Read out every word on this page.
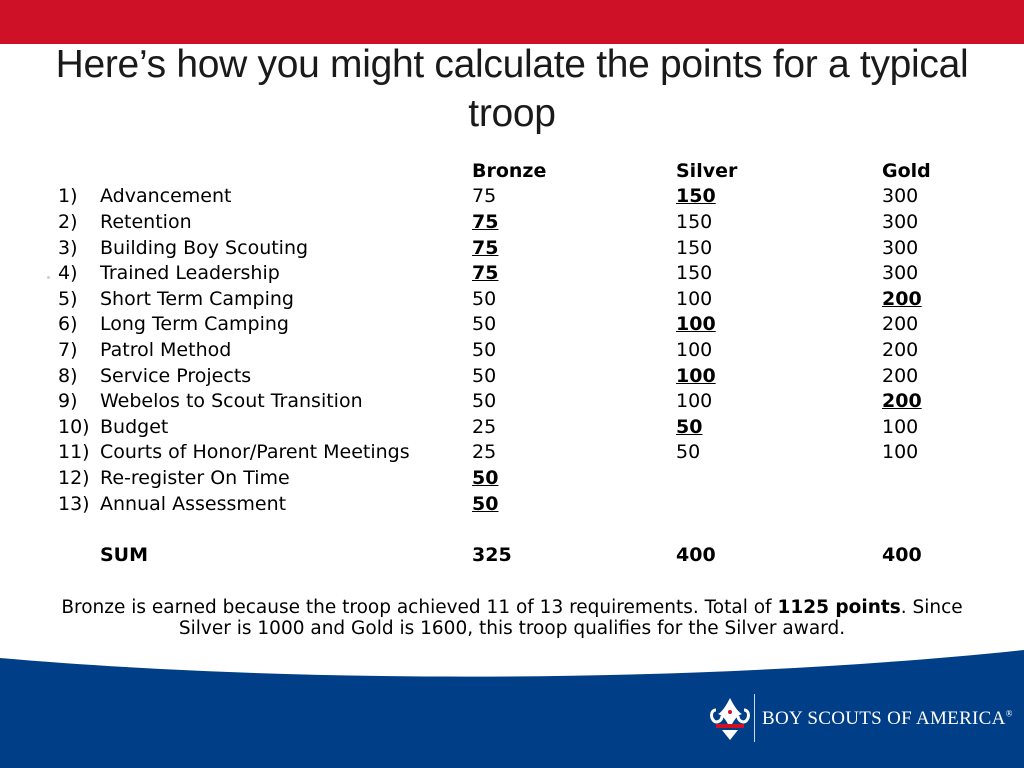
Here’s how you might calculate the points for a typical troop
		Bronze	Silver	Gold
1)	Advancement	75	150	300
2)	Retention	75	150	300
3)	Building Boy Scouting	75	150	300
4)	Trained Leadership	75	150	300
5)	Short Term Camping	50	100	200
6)	Long Term Camping	50	100	200
7)	Patrol Method	50	100	200
8)	Service Projects	50	100	200
9)	Webelos to Scout Transition	50	100	200
10)	Budget	25	50	100
11)	Courts of Honor/Parent Meetings	25	50	100
12)	Re-register On Time	50		
13)	Annual Assessment	50		

	SUM	325	400	400
Bronze is earned because the troop achieved 11 of 13 requirements. Total of 1125 points. Since Silver is 1000 and Gold is 1600, this troop qualifies for the Silver award.
BOY SCOUTS OF AMERICA®
